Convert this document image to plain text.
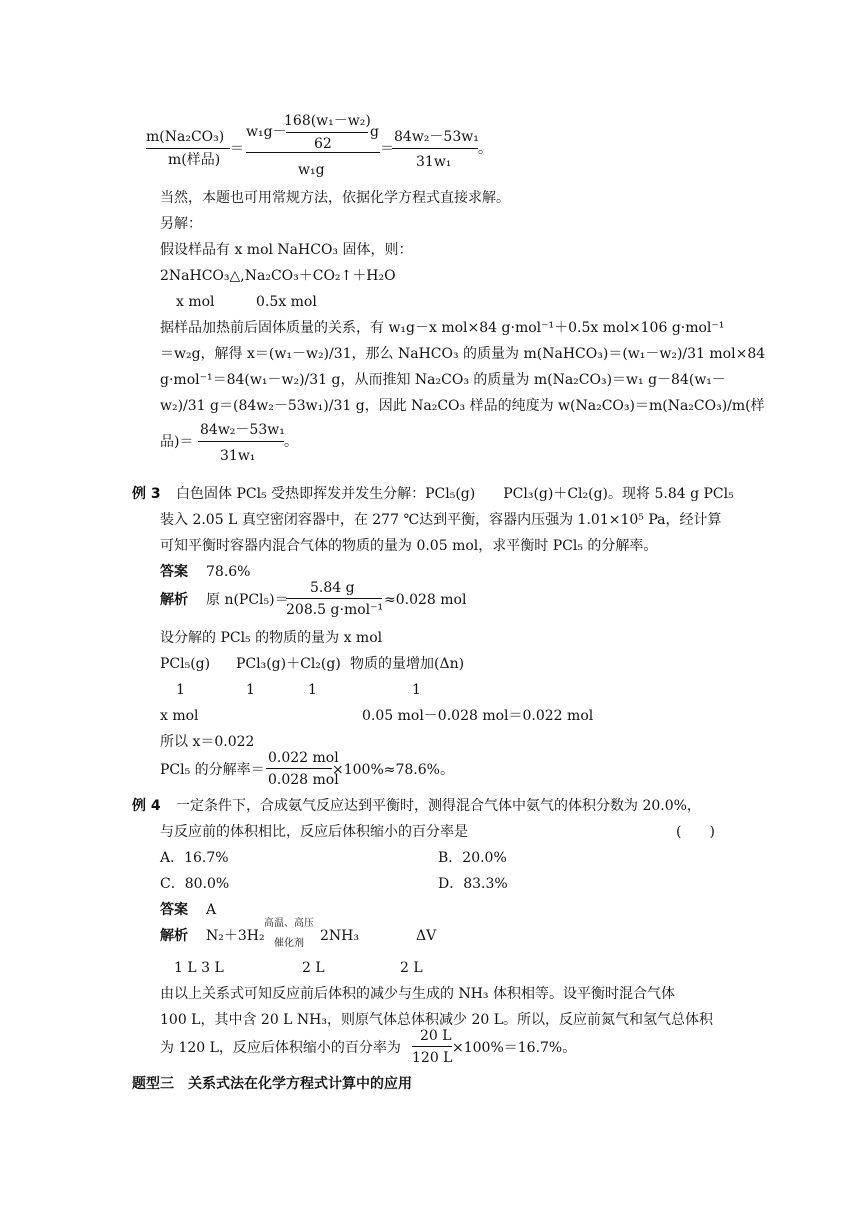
m(Na₂CO₃)
m(样品)
＝
168(w₁－w₂)
w₁g－
62
g
w₁g
＝
84w₂－53w₁
31w₁
。
当然，本题也可用常规方法，依据化学方程式直接求解。
另解：
假设样品有 x mol NaHCO₃ 固体，则：
2NaHCO₃△,Na₂CO₃＋CO₂↑＋H₂O
x mol	0.5x mol
据样品加热前后固体质量的关系，有 w₁g－x mol×84 g·mol⁻¹＋0.5x mol×106 g·mol⁻¹
＝w₂g，解得 x＝(w₁－w₂)/31，那么 NaHCO₃ 的质量为 m(NaHCO₃)＝(w₁－w₂)/31 mol×84
g·mol⁻¹＝84(w₁－w₂)/31 g，从而推知 Na₂CO₃ 的质量为 m(Na₂CO₃)＝w₁ g－84(w₁－
w₂)/31 g＝(84w₂－53w₁)/31 g，因此 Na₂CO₃ 样品的纯度为 w(Na₂CO₃)＝m(Na₂CO₃)/m(样
品)＝
84w₂－53w₁
31w₁
。
例 3 白色固体 PCl₅ 受热即挥发并发生分解：PCl₅(g)　　PCl₃(g)＋Cl₂(g)。现将 5.84 g PCl₅
装入 2.05 L 真空密闭容器中，在 277 ℃达到平衡，容器内压强为 1.01×10⁵ Pa，经计算
可知平衡时容器内混合气体的物质的量为 0.05 mol，求平衡时 PCl₅ 的分解率。
答案 78.6%
解析 原 n(PCl₅)＝
5.84 g
208.5 g·mol⁻¹
≈0.028 mol
设分解的 PCl₅ 的物质的量为 x mol
PCl₅(g) PCl₃(g)＋Cl₂(g) 物质的量增加(Δn)
1	1	1	1
x mol	0.05 mol－0.028 mol＝0.022 mol
所以 x＝0.022
PCl₅ 的分解率＝
0.022 mol
0.028 mol
×100%≈78.6%。
例 4 一定条件下，合成氨气反应达到平衡时，测得混合气体中氨气的体积分数为 20.0%，
与反应前的体积相比，反应后体积缩小的百分率是	(　　)
A．16.7%	B．20.0%
C．80.0%	D．83.3%
答案 A
解析 N₂＋3H₂
高温、高压
催化剂 2NH₃	ΔV
1 L 3 L	2 L	2 L
由以上关系式可知反应前后体积的减少与生成的 NH₃ 体积相等。设平衡时混合气体
100 L，其中含 20 L NH₃，则原气体总体积减少 20 L。所以，反应前氮气和氢气总体积
为 120 L，反应后体积缩小的百分率为
20 L
120 L
×100%＝16.7%。
题型三　关系式法在化学方程式计算中的应用
